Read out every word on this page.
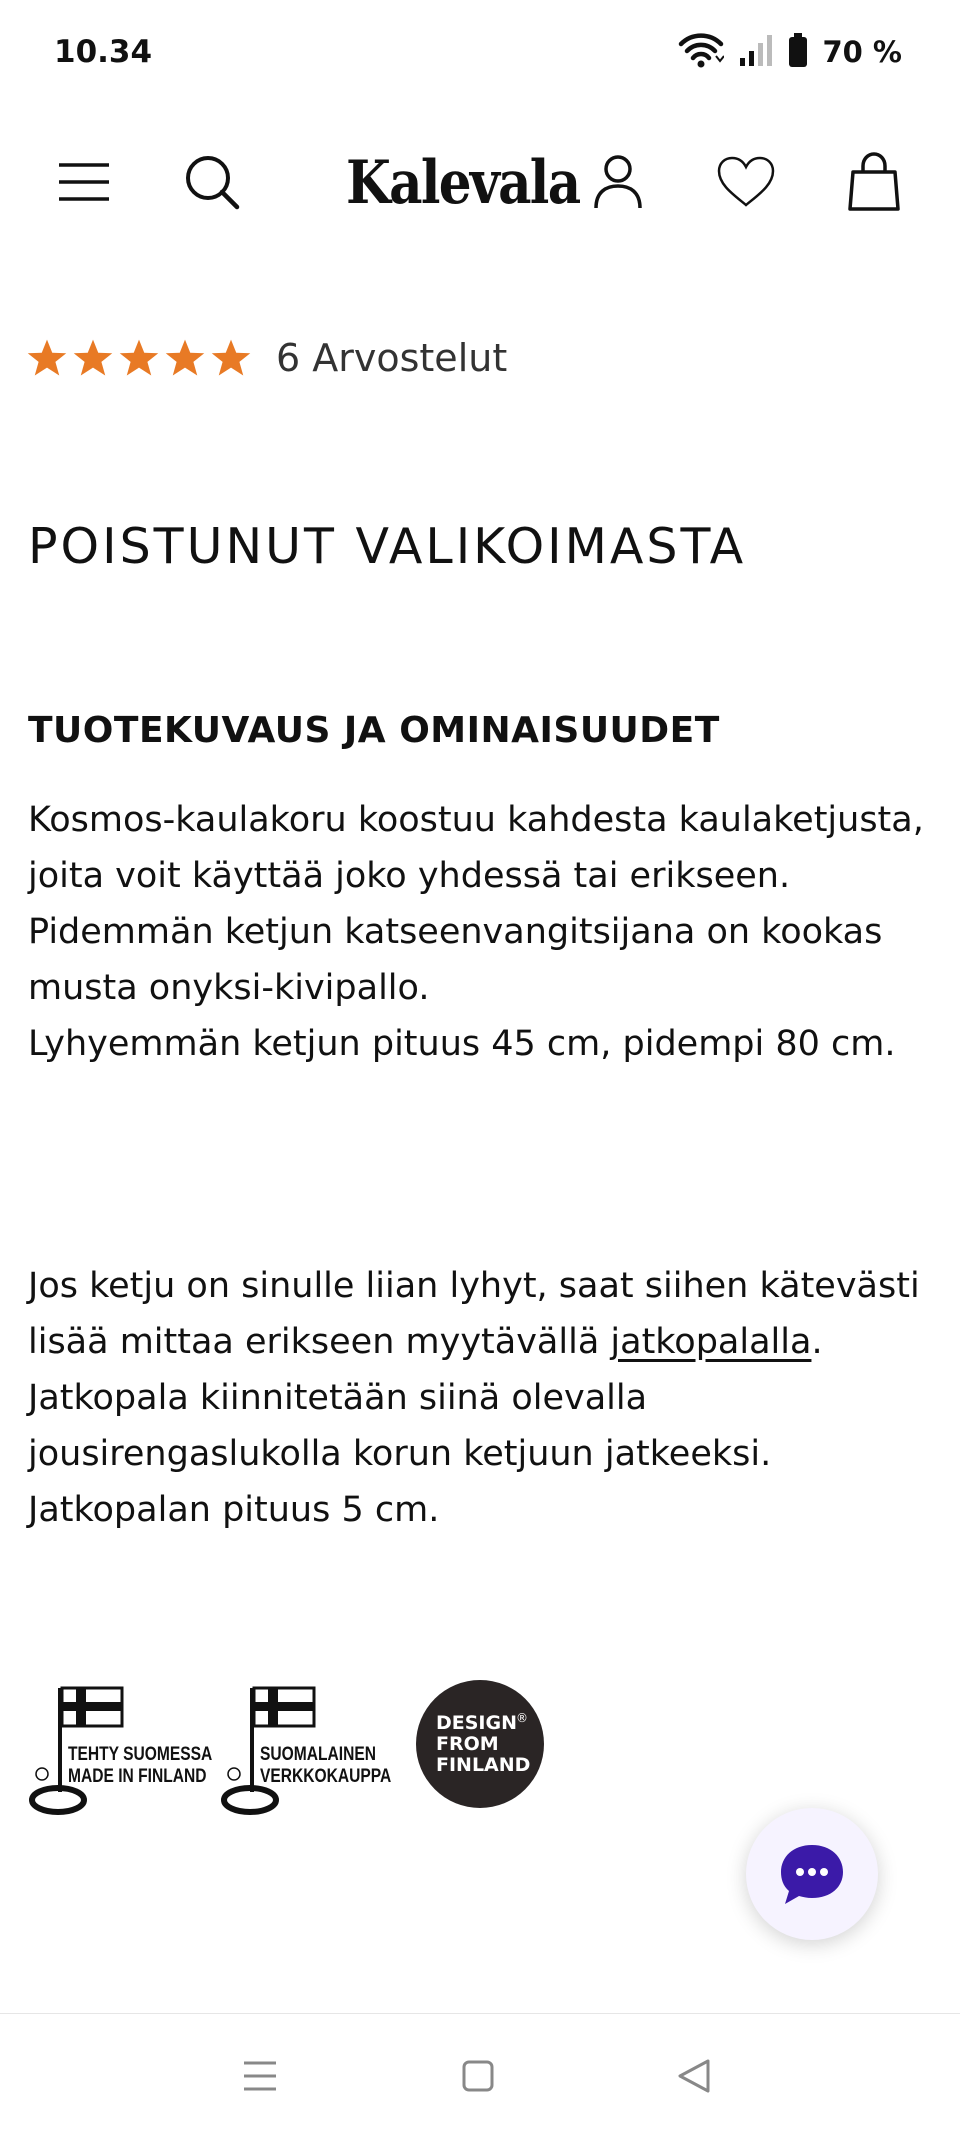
10.34	70 %
Kalevala
6 Arvostelut
POISTUNUT VALIKOIMASTA
TUOTEKUVAUS JA OMINAISUUDET

Kosmos-kaulakoru koostuu kahdesta kaulaketjusta, joita voit käyttää joko yhdessä tai erikseen. Pidemmän ketjun katseenvangitsijana on kookas musta onyksi-kivipallo.

Lyhyemmän ketjun pituus 45 cm, pidempi 80 cm.

Jos ketju on sinulle liian lyhyt, saat siihen kätevästi lisää mittaa erikseen myytävällä jatkopalalla. Jatkopala kiinnitetään siinä olevalla jousirengaslukolla korun ketjuun jatkeeksi. Jatkopalan pituus 5 cm.

TEHTY SUOMESSA
MADE IN FINLAND
SUOMALAINEN
VERKKOKAUPPA
®
DESIGN
FROM
FINLAND
